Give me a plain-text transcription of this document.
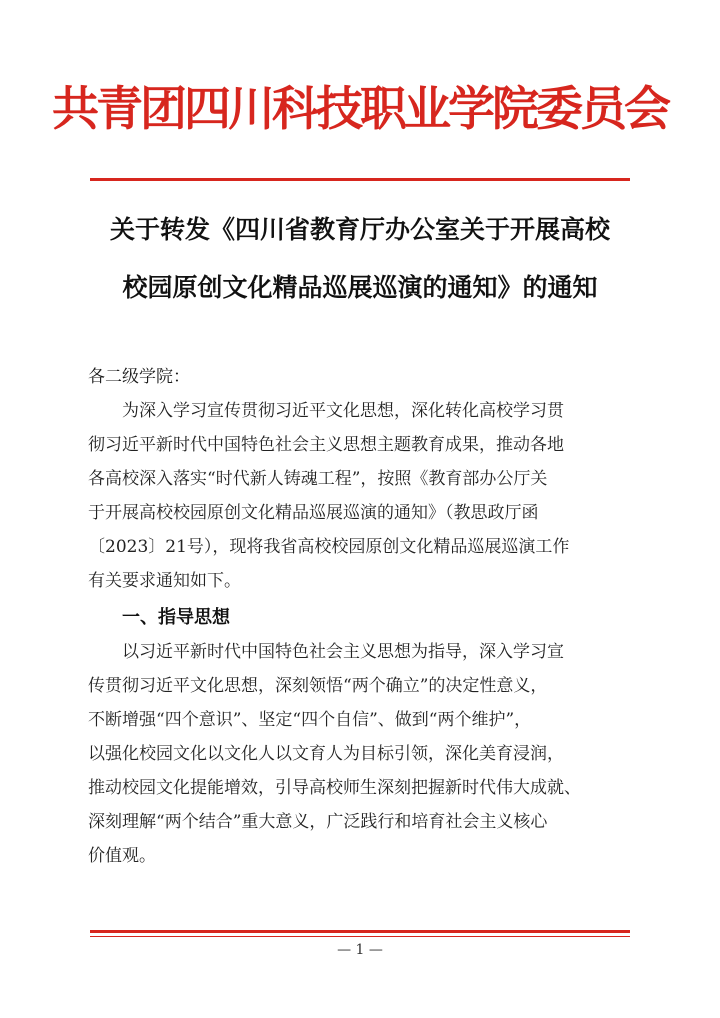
共青团四川科技职业学院委员会
关于转发《四川省教育厅办公室关于开展高校
校园原创文化精品巡展巡演的通知》的通知
各二级学院：
为深入学习宣传贯彻习近平文化思想，深化转化高校学习贯
彻习近平新时代中国特色社会主义思想主题教育成果，推动各地
各高校深入落实“时代新人铸魂工程”，按照《教育部办公厅关
于开展高校校园原创文化精品巡展巡演的通知》（教思政厅函
〔2023〕21号），现将我省高校校园原创文化精品巡展巡演工作
有关要求通知如下。
一、指导思想
以习近平新时代中国特色社会主义思想为指导，深入学习宣
传贯彻习近平文化思想，深刻领悟“两个确立”的决定性意义，
不断增强“四个意识”、坚定“四个自信”、做到“两个维护”，
以强化校园文化以文化人以文育人为目标引领，深化美育浸润，
推动校园文化提能增效，引导高校师生深刻把握新时代伟大成就、
深刻理解“两个结合”重大意义，广泛践行和培育社会主义核心
价值观。
— 1 —
